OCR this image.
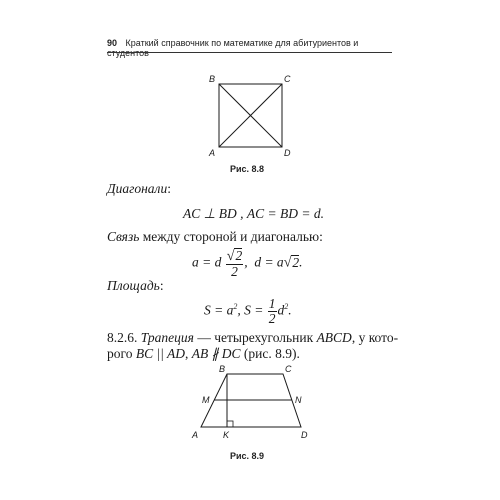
90 Краткий справочник по математике для абитуриентов и студентов
B	C
A	D
Рис. 8.8
Диагонали:
AC ⊥ BD , AC = BD = d.
Связь между стороной и диагональю:
a = d $\frac{√2}{2}$ ,  d = a√2.
Площадь:
$S = a^2$, $S = \frac{1}{2} d^2$.
8.2.6. Трапеция — четырехугольник ABCD, у кото-
рого BC || AD, AB ∦ DC (рис. 8.9).
B	C
M	N
A	K	D
Рис. 8.9
